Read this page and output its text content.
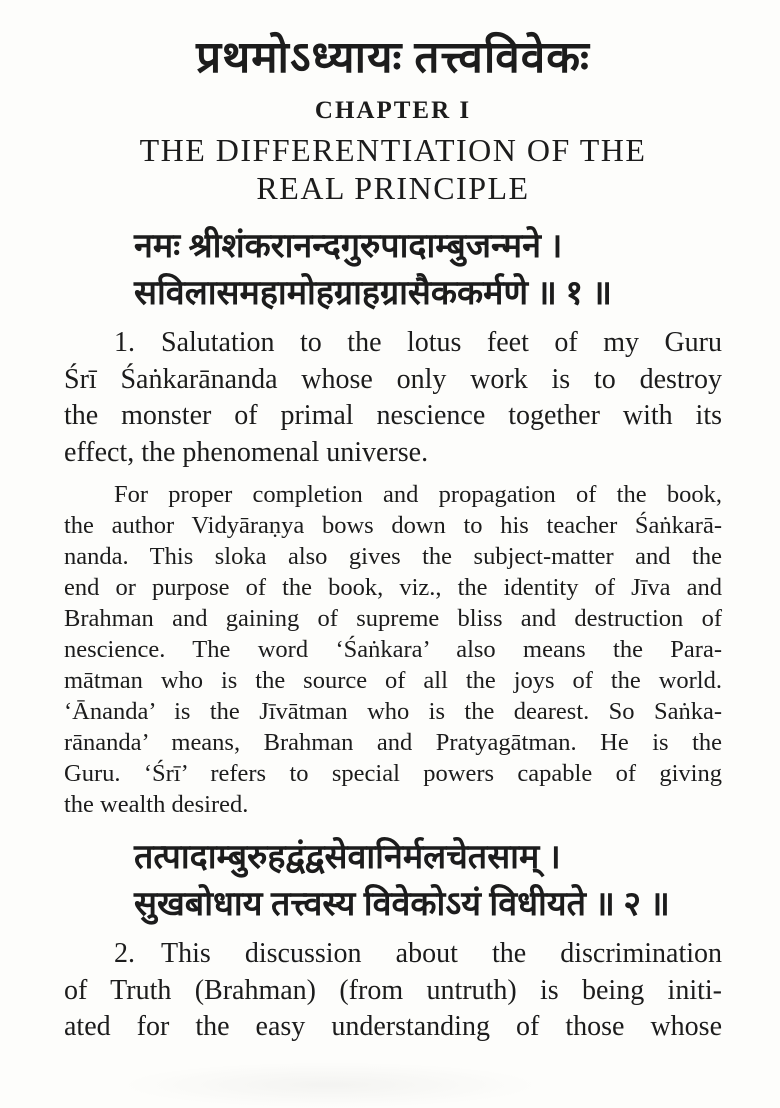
प्रथमोऽध्यायः तत्त्वविवेकः
CHAPTER I
THE DIFFERENTIATION OF THE
REAL PRINCIPLE
नमः श्रीशंकरानन्दगुरुपादाम्बुजन्मने ।
सविलासमहामोहग्राहग्रासैककर्मणे ॥ १ ॥
1. Salutation to the lotus feet of my Guru
Śrī Śaṅkarānanda whose only work is to destroy
the monster of primal nescience together with its
effect, the phenomenal universe.
For proper completion and propagation of the book,
the author Vidyāraṇya bows down to his teacher Śaṅkarā-
nanda. This sloka also gives the subject-matter and the
end or purpose of the book, viz., the identity of Jīva and
Brahman and gaining of supreme bliss and destruction of
nescience. The word ‘Śaṅkara’ also means the Para-
mātman who is the source of all the joys of the world.
‘Ānanda’ is the Jīvātman who is the dearest. So Saṅka-
rānanda’ means, Brahman and Pratyagātman. He is the
Guru. ‘Śrī’ refers to special powers capable of giving
the wealth desired.
तत्पादाम्बुरुहद्वंद्वसेवानिर्मलचेतसाम् ।
सुखबोधाय तत्त्वस्य विवेकोऽयं विधीयते ॥ २ ॥
2. This discussion about the discrimination
of Truth (Brahman) (from untruth) is being initi-
ated for the easy understanding of those whose
